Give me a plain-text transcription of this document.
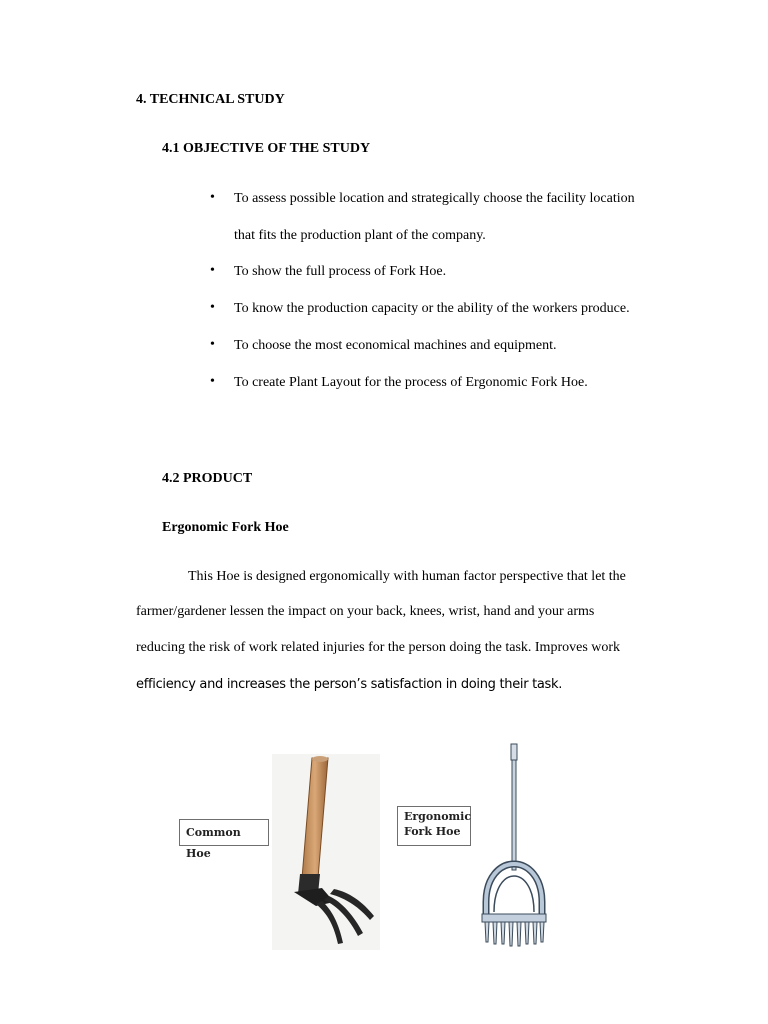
4. TECHNICAL STUDY
4.1 OBJECTIVE OF THE STUDY
• To assess possible location and strategically choose the facility location
that fits the production plant of the company.
• To show the full process of Fork Hoe.
• To know the production capacity or the ability of the workers produce.
• To choose the most economical machines and equipment.
• To create Plant Layout for the process of Ergonomic Fork Hoe.
4.2 PRODUCT
Ergonomic Fork Hoe
This Hoe is designed ergonomically with human factor perspective that let the
farmer/gardener lessen the impact on your back, knees, wrist, hand and your arms
reducing the risk of work related injuries for the person doing the task. Improves work
efficiency and increases the person’s satisfaction in doing their task.
Common Hoe
Ergonomic
Fork Hoe
